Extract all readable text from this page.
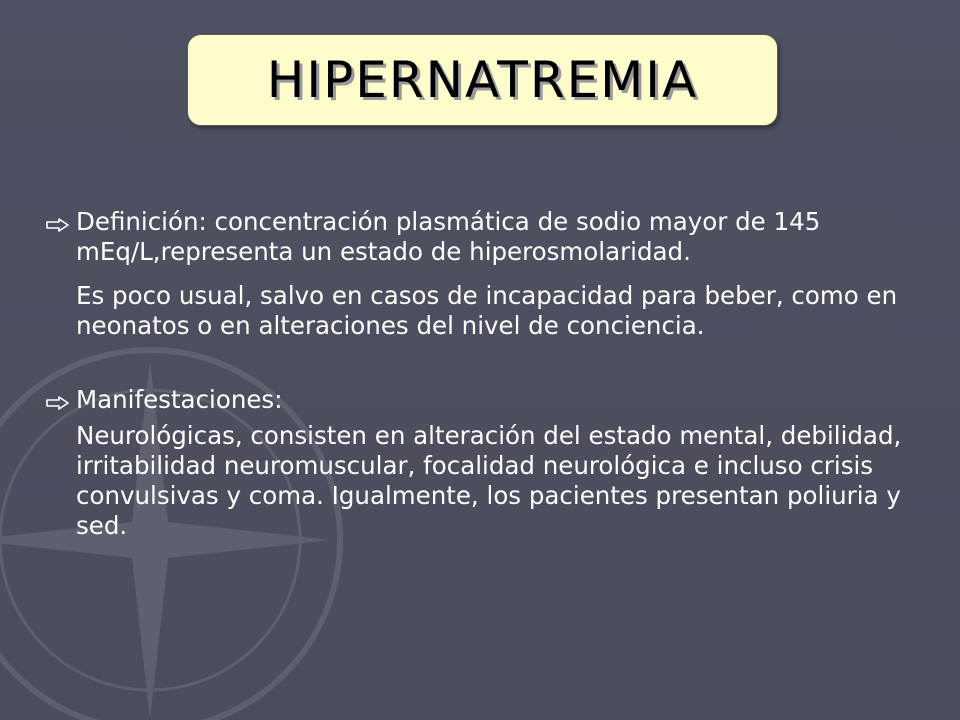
HIPERNATREMIA
Definición: concentración plasmática de sodio mayor de 145 mEq/L,representa un estado de hiperosmolaridad.
Es poco usual, salvo en casos de incapacidad para beber, como en neonatos o en alteraciones del nivel de conciencia.
Manifestaciones:
Neurológicas, consisten en alteración del estado mental, debilidad, irritabilidad neuromuscular, focalidad neurológica e incluso crisis convulsivas y coma. Igualmente, los pacientes presentan poliuria y sed.
